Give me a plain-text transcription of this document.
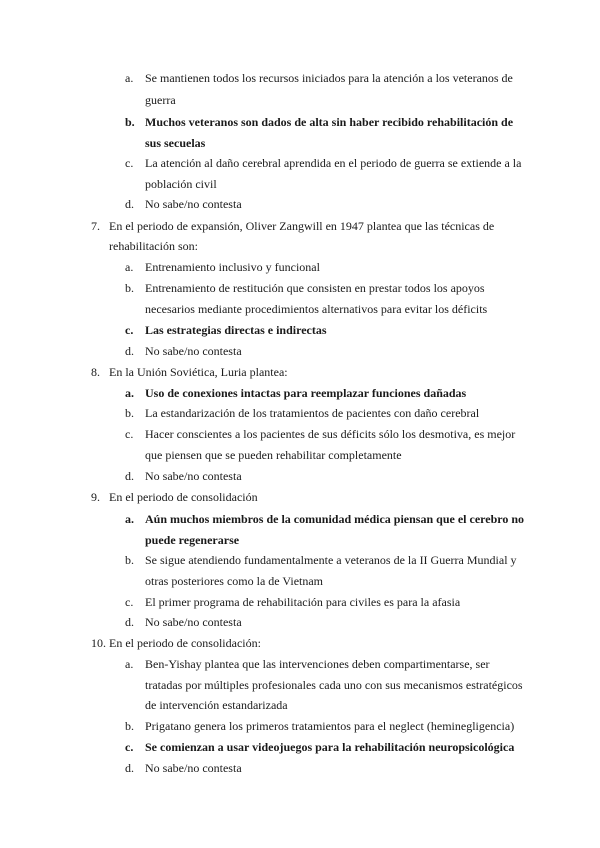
a. Se mantienen todos los recursos iniciados para la atención a los veteranos de
guerra
b. Muchos veteranos son dados de alta sin haber recibido rehabilitación de
sus secuelas
c. La atención al daño cerebral aprendida en el periodo de guerra se extiende a la
población civil
d. No sabe/no contesta
7. En el periodo de expansión, Oliver Zangwill en 1947 plantea que las técnicas de
rehabilitación son:
a. Entrenamiento inclusivo y funcional
b. Entrenamiento de restitución que consisten en prestar todos los apoyos
necesarios mediante procedimientos alternativos para evitar los déficits
c. Las estrategias directas e indirectas
d. No sabe/no contesta
8. En la Unión Soviética, Luria plantea:
a. Uso de conexiones intactas para reemplazar funciones dañadas
b. La estandarización de los tratamientos de pacientes con daño cerebral
c. Hacer conscientes a los pacientes de sus déficits sólo los desmotiva, es mejor
que piensen que se pueden rehabilitar completamente
d. No sabe/no contesta
9. En el periodo de consolidación
a. Aún muchos miembros de la comunidad médica piensan que el cerebro no
puede regenerarse
b. Se sigue atendiendo fundamentalmente a veteranos de la II Guerra Mundial y
otras posteriores como la de Vietnam
c. El primer programa de rehabilitación para civiles es para la afasia
d. No sabe/no contesta
10. En el periodo de consolidación:
a. Ben-Yishay plantea que las intervenciones deben compartimentarse, ser
tratadas por múltiples profesionales cada uno con sus mecanismos estratégicos
de intervención estandarizada
b. Prigatano genera los primeros tratamientos para el neglect (heminegligencia)
c. Se comienzan a usar videojuegos para la rehabilitación neuropsicológica
d. No sabe/no contesta
